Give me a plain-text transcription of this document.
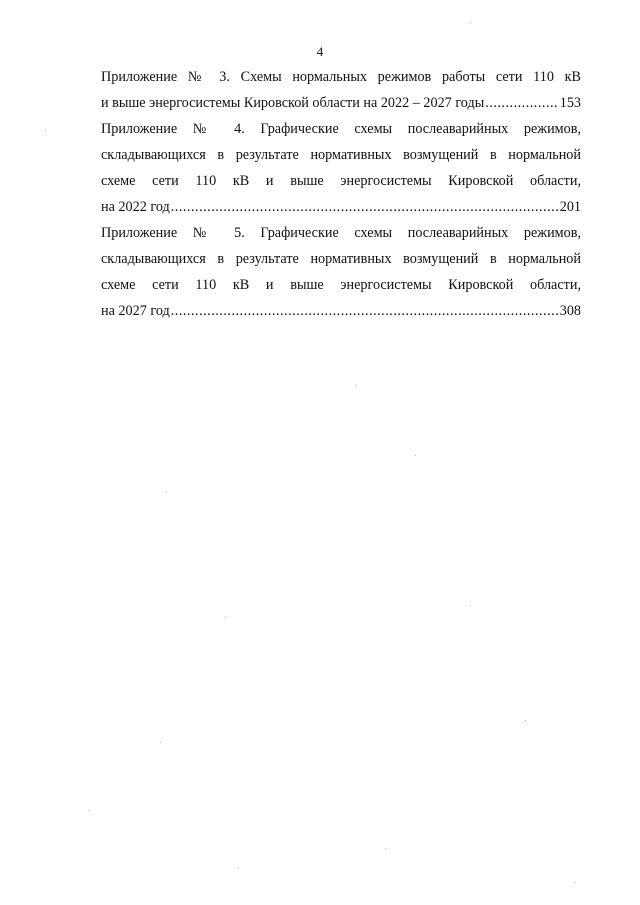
4
Приложение № 3. Схемы нормальных режимов работы сети 110 кВ
и выше энергосистемы Кировской области на 2022 – 2027 годы .....	153
Приложение № 4. Графические схемы послеаварийных режимов,
складывающихся в результате нормативных возмущений в нормальной
схеме сети 110 кВ и выше энергосистемы Кировской области,
на 2022 год .....	201
Приложение № 5. Графические схемы послеаварийных режимов,
складывающихся в результате нормативных возмущений в нормальной
схеме сети 110 кВ и выше энергосистемы Кировской области,
на 2027 год .....	308
